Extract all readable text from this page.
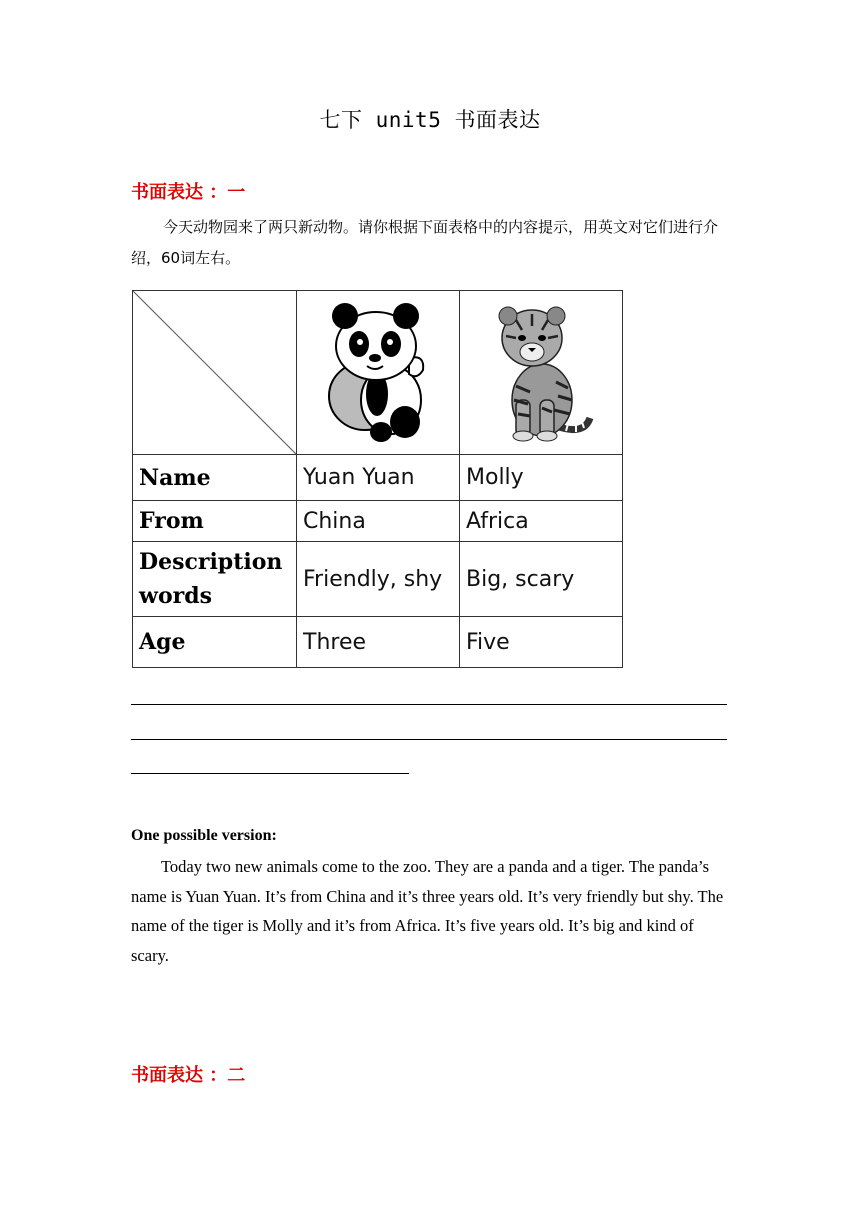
七下 unit5 书面表达
书面表达 ：一
今天动物园来了两只新动物。请你根据下面表格中的内容提示，用英文对它们进行介绍，60词左右。

Name	Yuan Yuan	Molly
From	China	Africa
Description words	Friendly, shy	Big, scary
Age	Three	Five
One possible version:
Today two new animals come to the zoo. They are a panda and a tiger. The panda’s name is Yuan Yuan. It’s from China and it’s three years old. It’s very friendly but shy. The name of the tiger is Molly and it’s from Africa. It’s five years old. It’s big and kind of scary.
书面表达 ：二
